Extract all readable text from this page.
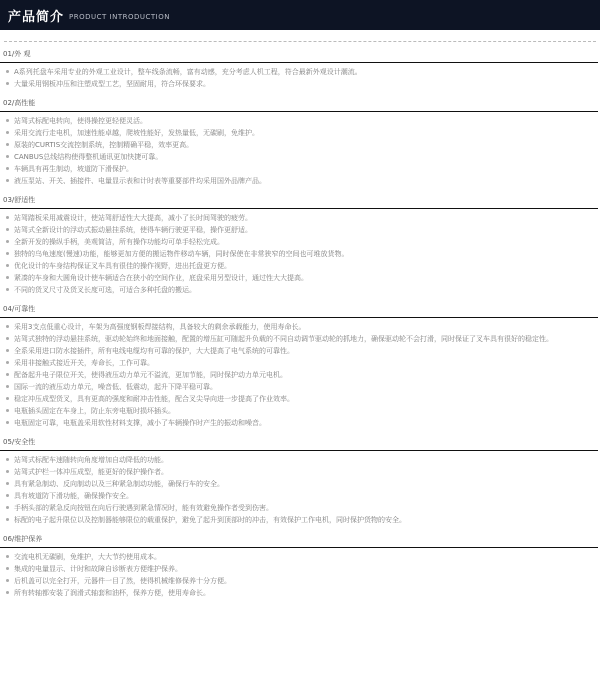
产品简介 PRODUCT INTRODUCTION
01/外 观
A系列托盘车采用专业的外观工业设计，整车线条流畅，富有动感，充分考虑人机工程，符合最新外观设计潮流。
大量采用钢板冲压和注塑成型工艺，坚固耐用，符合环保要求。
02/高性能
站驾式标配电转向，使得操控更轻便灵活。
采用交流行走电机，加速性能卓越，爬坡性能好，发热量低，无碳刷，免维护。
原装的CURTIS交流控制系统，控制精确平稳，效率更高。
CANBUS总线结构使得整机通讯更加快捷可靠。
车辆具有再生制动，坡道防下滑保护。
液压泵站、开关、插接件、电量显示表和计时表等重要部件均采用国外品牌产品。
03/舒适性
站驾踏板采用减震设计，使站驾舒适性大大提高，减小了长时间驾驶的疲劳。
站驾式全新设计的浮动式振动悬挂系统，使得车辆行驶更平稳，操作更舒适。
全新开发的操纵手柄，美观简洁，所有操作功能均可单手轻松完成。
独特的乌龟速度(慢速)功能，能够更加方便的搬运物件移动车辆，同时保使在非常狭窄的空间也可堆放货物。
优化设计的车身结构保证叉车具有很佳的操作视野，进出托盘更方便。
紧凑的车身和大圆角设计使车辆适合在狭小的空间作业，底盘采用另型设计，通过性大大提高。
不同的货叉尺寸及货叉长度可选，可适合多种托盘的搬运。
04/可靠性
采用3支点低重心设计，车架为高强度钢板焊接结构，具备较大的剩余承载能力，使用寿命长。
站驾式独特的浮动悬挂系统，驱动轮始终和地面接触，配置的增压缸可随起升负载的不同自动调节驱动轮的抓地力，确保驱动轮不会打滑，同时保证了叉车具有很好的稳定性。
全系采用进口防水接插件，所有电线电缆均有可靠的保护，大大提高了电气系统的可靠性。
采用非接触式接近开关，寿命长，工作可靠。
配备起升电子限位开关，使得液压动力单元不溢流，更加节能，同时保护动力单元电机。
国际一流的液压动力单元，噪音低、低震动，起升下降平稳可靠。
稳定冲压成型货叉，具有更高的强度和耐冲击性能，配合叉尖导向进一步提高了作业效率。
电瓶插头固定在车身上，防止东旁电瓶时损坏插头。
电瓶固定可靠，电瓶盖采用软性材料支撑，减小了车辆操作时产生的振动和噪音。
05/安全性
站驾式标配车速随转向角度增加自动降低的功能。
站驾式护栏一体冲压成型，能更好的保护操作者。
具有紧急制动、反向制动以及三种紧急制动功能，确保行车的安全。
具有坡道防下滑功能，确保操作安全。
手柄头部的紧急反向按钮在向后行驶遇到紧急情况时，能有效避免操作者受到伤害。
标配的电子起升限位以及控制器能够限位的载重保护，避免了起升到顶部时的冲击，有效保护工作电机，同时保护货物的安全。
06/维护保养
交流电机无碳刷，免维护，大大节约使用成本。
集成的电量显示、计时和故障自诊断表方便维护保养。
后机盖可以完全打开，元器件一目了然，使得机械维修保养十分方便。
所有转轴都安装了润滑式轴套和油杯，保养方便，使用寿命长。
